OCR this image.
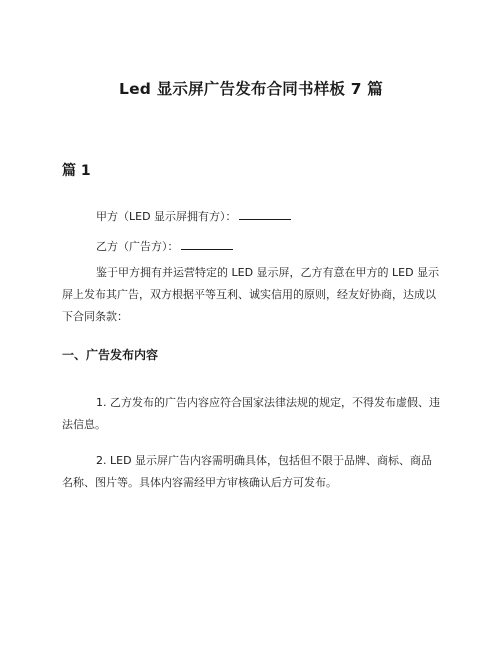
Led 显示屏广告发布合同书样板 7 篇
篇 1

甲方（LED 显示屏拥有方）：

乙方（广告方）：

鉴于甲方拥有并运营特定的 LED 显示屏，乙方有意在甲方的 LED 显示屏上发布其广告，双方根据平等互利、诚实信用的原则，经友好协商，达成以下合同条款：

一、广告发布内容

1. 乙方发布的广告内容应符合国家法律法规的规定，不得发布虚假、违法信息。

2. LED 显示屏广告内容需明确具体，包括但不限于品牌、商标、商品名称、图片等。具体内容需经甲方审核确认后方可发布。
